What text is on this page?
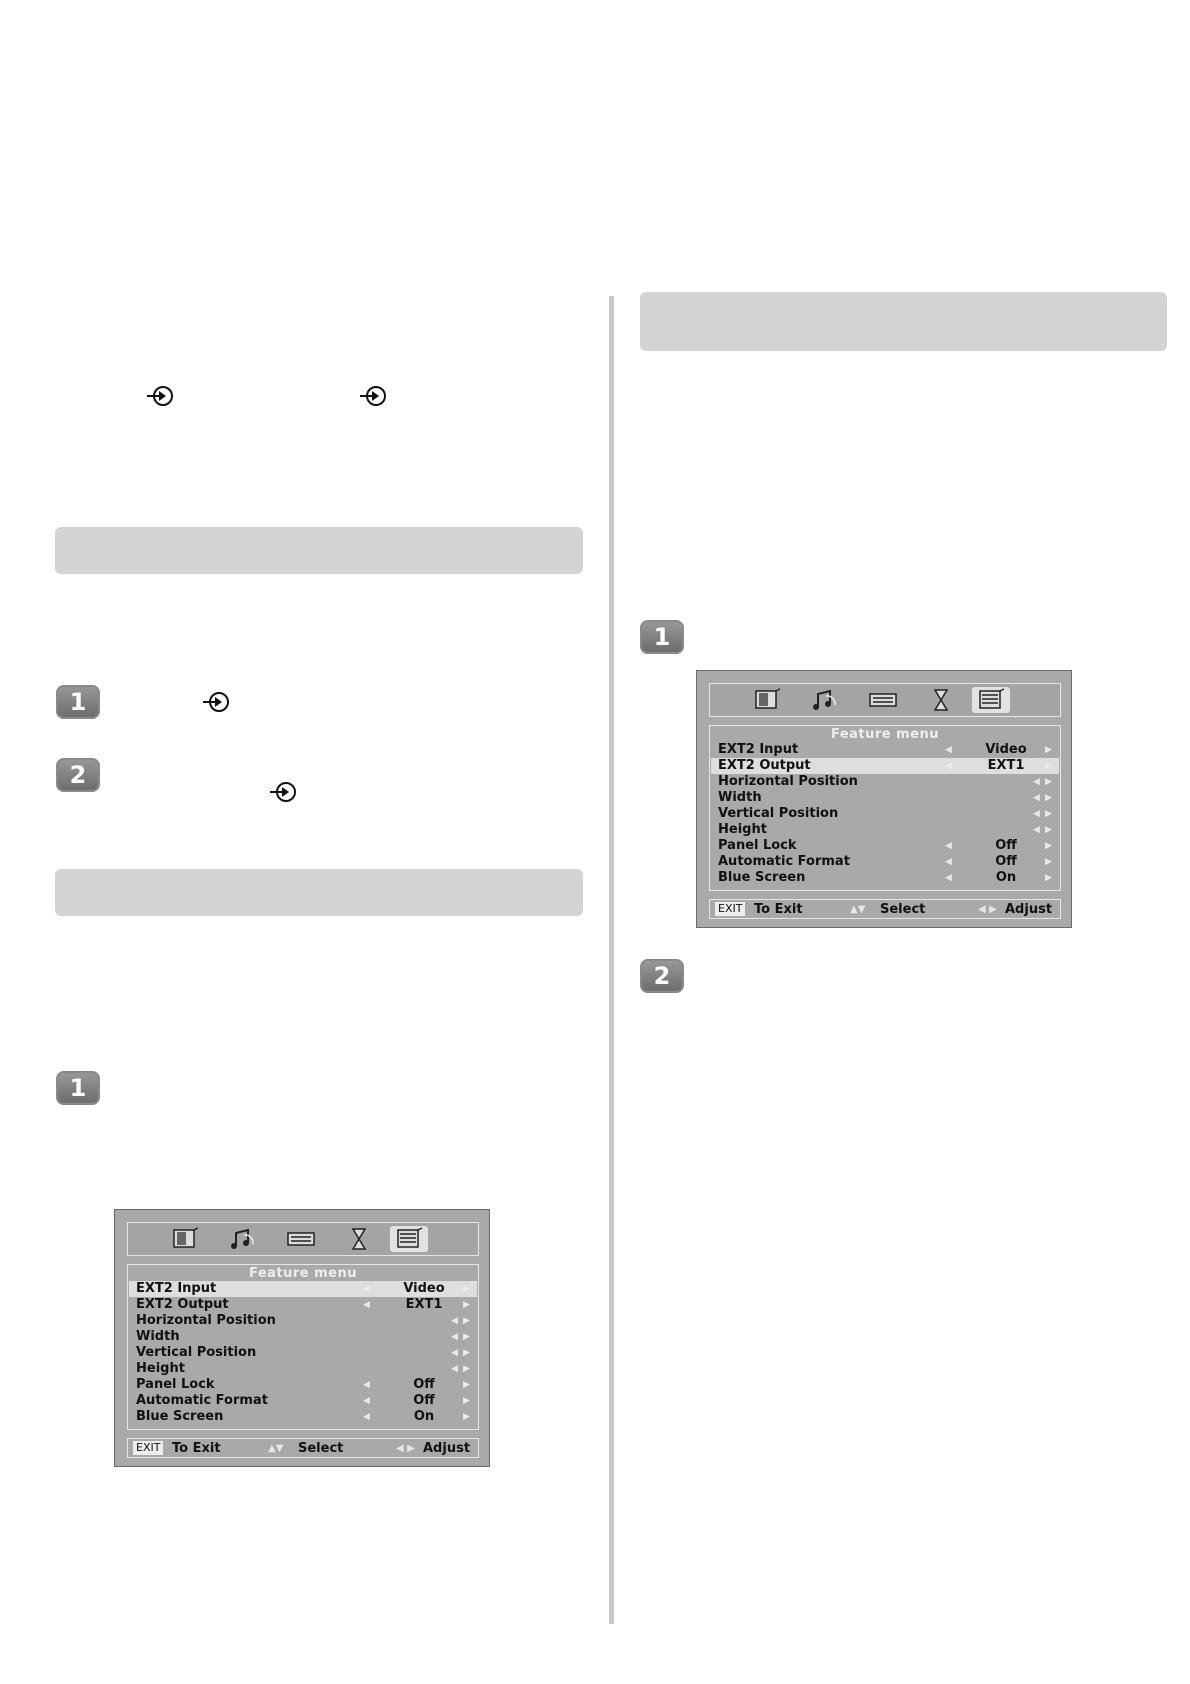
1
2
1
1
2
Feature menu
EXT2 Input	◀	Video	▶
EXT2 Output	◀	EXT1	▶
Horizontal Position	◀ ▶
Width	◀ ▶
Vertical Position	◀ ▶
Height	◀ ▶
Panel Lock	◀	Off	▶
Automatic Format	◀	Off	▶
Blue Screen	◀	On	▶
EXIT To Exit	▲▼ Select	◀ ▶ Adjust
Feature menu
EXT2 Input	◀	Video	▶
EXT2 Output	◀	EXT1	▶
Horizontal Position	◀ ▶
Width	◀ ▶
Vertical Position	◀ ▶
Height	◀ ▶
Panel Lock	◀	Off	▶
Automatic Format	◀	Off	▶
Blue Screen	◀	On	▶
EXIT To Exit	▲▼ Select	◀ ▶ Adjust
